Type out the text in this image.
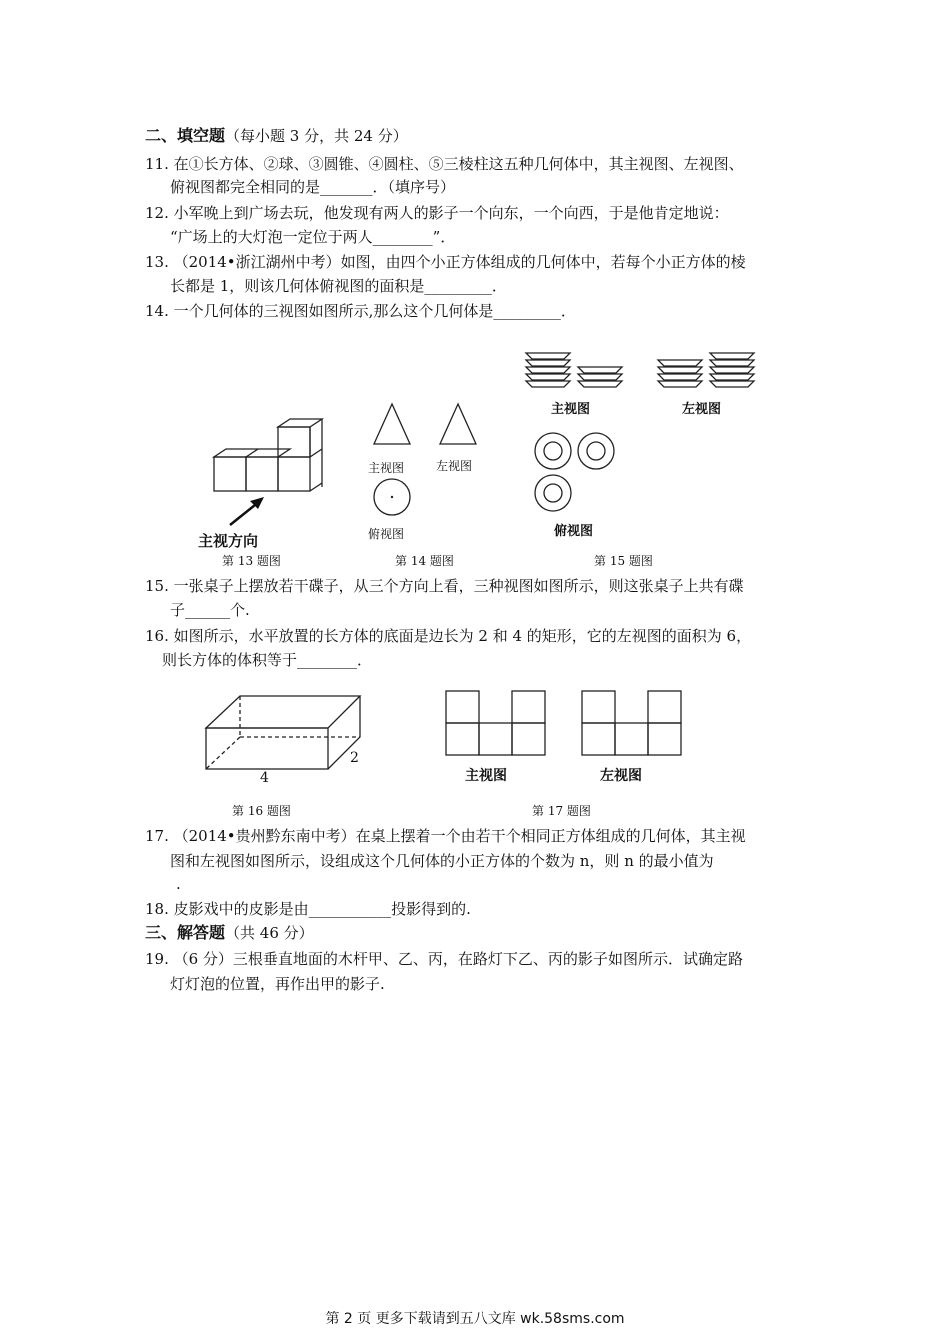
二、填空题（每小题 3 分，共 24 分）
11. 在①长方体、②球、③圆锥、④圆柱、⑤三棱柱这五种几何体中，其主视图、左视图、
俯视图都完全相同的是_______．（填序号）
12. 小军晚上到广场去玩，他发现有两人的影子一个向东，一个向西，于是他肯定地说：
“广场上的大灯泡一定位于两人________”．
13. （2014•浙江湖州中考）如图，由四个小正方体组成的几何体中，若每个小正方体的棱
长都是 1，则该几何体俯视图的面积是_________．
14. 一个几何体的三视图如图所示,那么这个几何体是_________．
主视方向
第 13 题图
主视图	左视图
俯视图
第 14 题图
主视图	左视图
俯视图
第 15 题图
15. 一张桌子上摆放若干碟子，从三个方向上看，三种视图如图所示，则这张桌子上共有碟
子______个.
16. 如图所示，水平放置的长方体的底面是边长为 2 和 4 的矩形，它的左视图的面积为 6，
则长方体的体积等于________．
4
2
第 16 题图
主视图	左视图
第 17 题图
17. （2014•贵州黔东南中考）在桌上摆着一个由若干个相同正方体组成的几何体，其主视
图和左视图如图所示，设组成这个几何体的小正方体的个数为 n，则 n 的最小值为
.
18. 皮影戏中的皮影是由___________投影得到的.
三、解答题（共 46 分）
19. （6 分）三根垂直地面的木杆甲、乙、丙，在路灯下乙、丙的影子如图所示．试确定路
灯灯泡的位置，再作出甲的影子.
第 2 页 更多下载请到五八文库 wk.58sms.com
